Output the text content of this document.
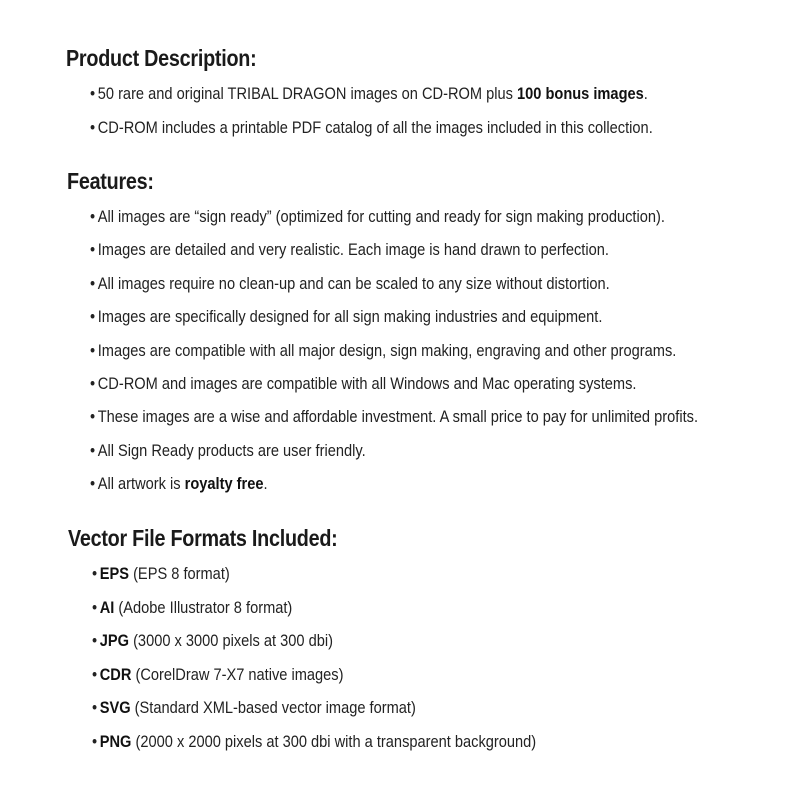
Product Description:
• 50 rare and original TRIBAL DRAGON images on CD-ROM plus 100 bonus images.
• CD-ROM includes a printable PDF catalog of all the images included in this collection.
Features:
• All images are “sign ready” (optimized for cutting and ready for sign making production).
• Images are detailed and very realistic. Each image is hand drawn to perfection.
• All images require no clean-up and can be scaled to any size without distortion.
• Images are specifically designed for all sign making industries and equipment.
• Images are compatible with all major design, sign making, engraving and other programs.
• CD-ROM and images are compatible with all Windows and Mac operating systems.
• These images are a wise and affordable investment. A small price to pay for unlimited profits.
• All Sign Ready products are user friendly.
• All artwork is royalty free.
Vector File Formats Included:
• EPS (EPS 8 format)
• AI (Adobe Illustrator 8 format)
• JPG (3000 x 3000 pixels at 300 dbi)
• CDR (CorelDraw 7-X7 native images)
• SVG (Standard XML-based vector image format)
• PNG (2000 x 2000 pixels at 300 dbi with a transparent background)
